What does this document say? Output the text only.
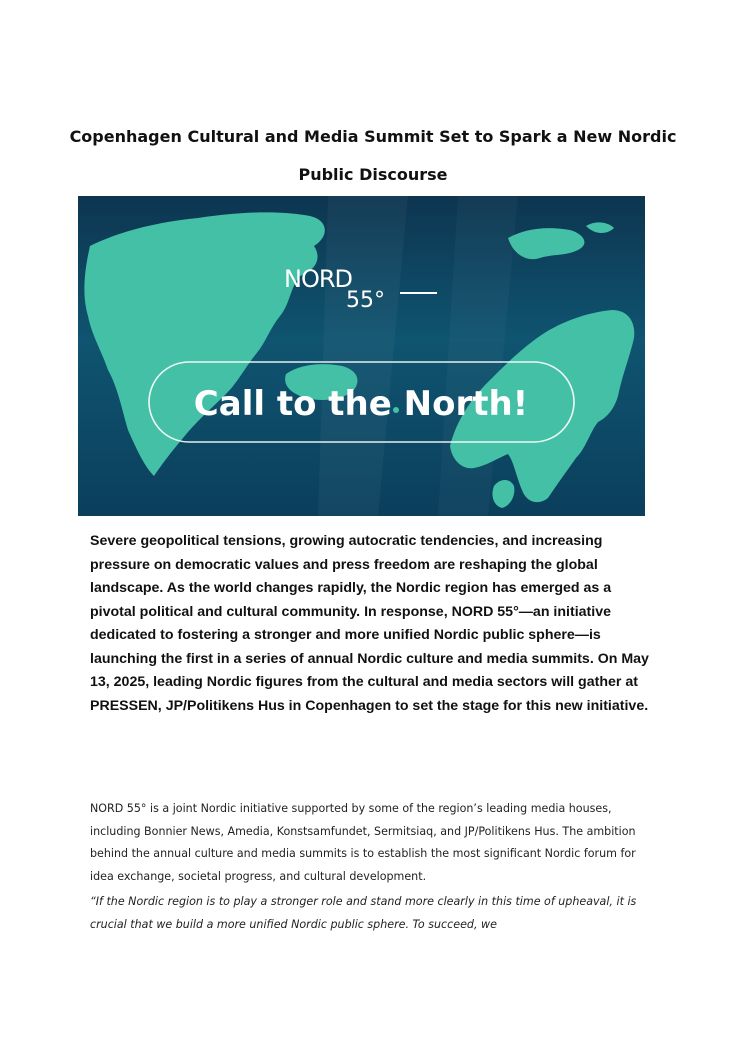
Copenhagen Cultural and Media Summit Set to Spark a New Nordic
Public Discourse
NORD
55°
Call to the North!

Severe geopolitical tensions, growing autocratic tendencies, and increasing pressure on democratic values and press freedom are reshaping the global landscape. As the world changes rapidly, the Nordic region has emerged as a pivotal political and cultural community. In response, NORD 55°—an initiative dedicated to fostering a stronger and more unified Nordic public sphere—is launching the first in a series of annual Nordic culture and media summits. On May 13, 2025, leading Nordic figures from the cultural and media sectors will gather at PRESSEN, JP/Politikens Hus in Copenhagen to set the stage for this new initiative.

NORD 55° is a joint Nordic initiative supported by some of the region’s leading media houses, including Bonnier News, Amedia, Konstsamfundet, Sermitsiaq, and JP/Politikens Hus. The ambition behind the annual culture and media summits is to establish the most significant Nordic forum for idea exchange, societal progress, and cultural development.

“If the Nordic region is to play a stronger role and stand more clearly in this time of upheaval, it is crucial that we build a more unified Nordic public sphere. To succeed, we
